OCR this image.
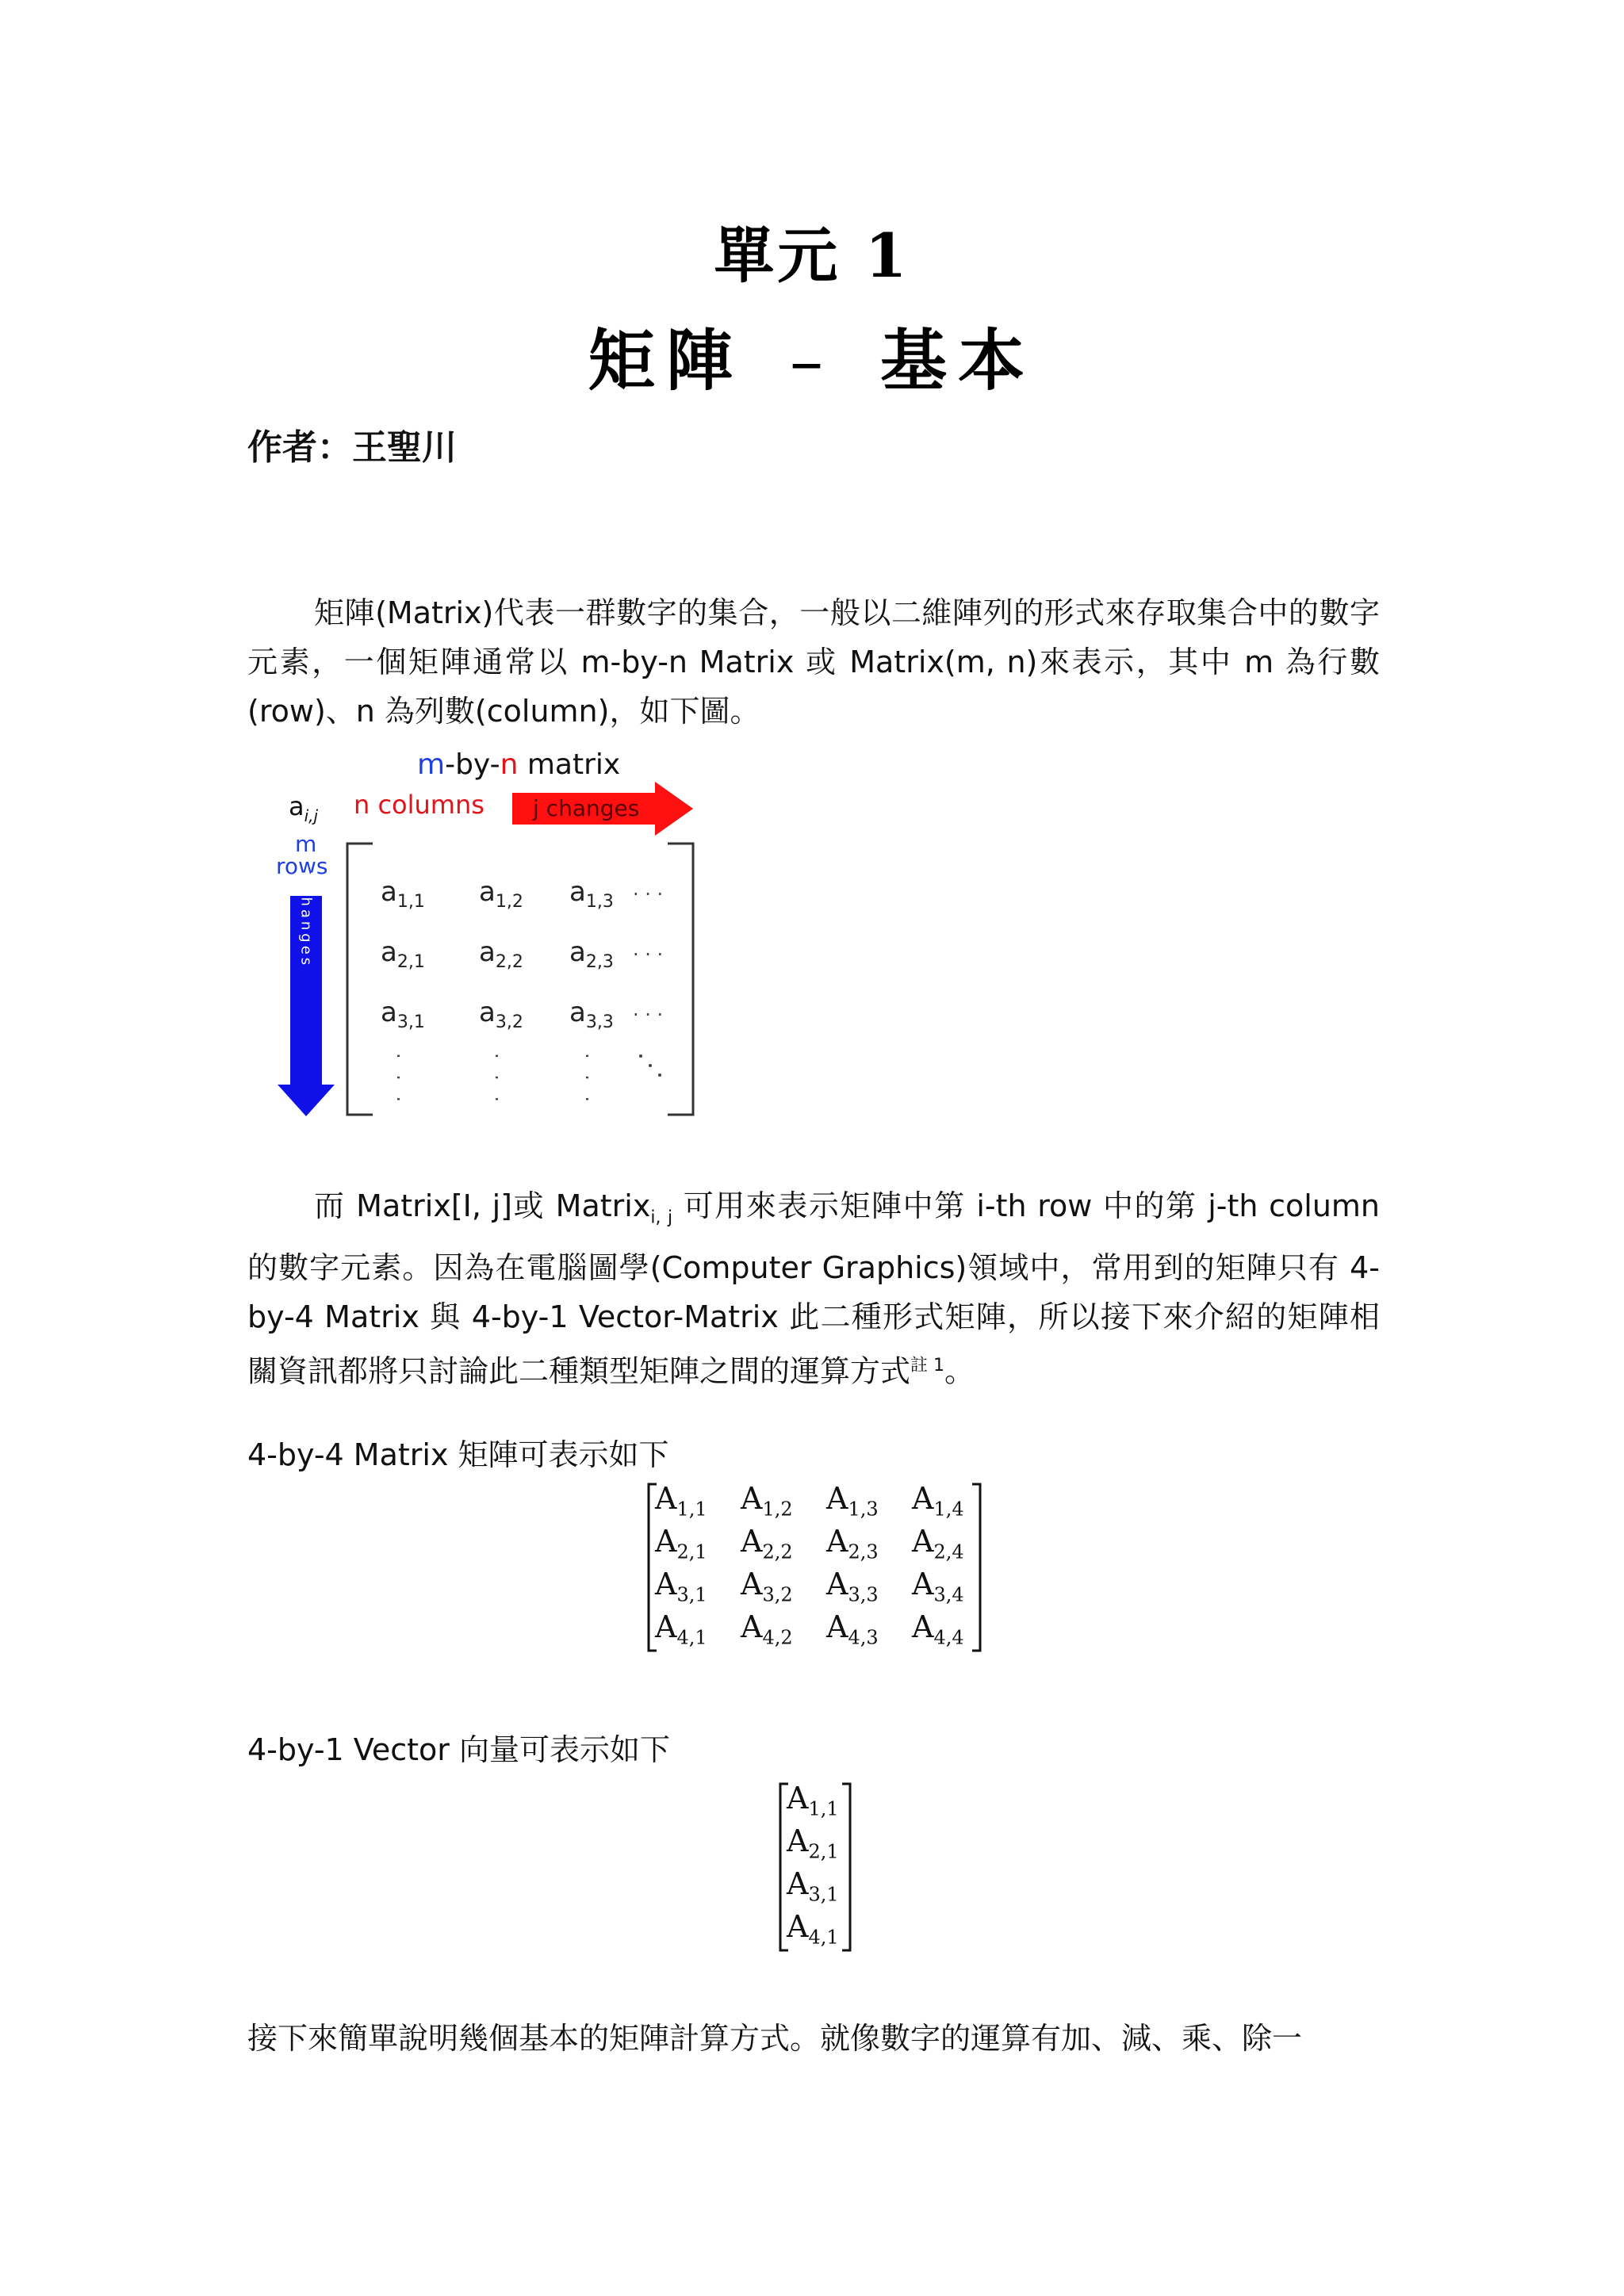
單元 1
矩陣 – 基本
作者：王聖川

矩陣(Matrix)代表一群數字的集合，一般以二維陣列的形式來存取集合中的數字元素，一個矩陣通常以 m-by-n Matrix 或 Matrix(m, n)來表示，其中 m 為行數(row)、n 為列數(column)，如下圖。

m-by-n matrix
$a_{i,j}$ n columns j changes
m
rows
i changes $a_{1,1}$ $a_{1,2}$ $a_{1,3}$
$a_{2,1}$ $a_{2,2}$ $a_{2,3}$
$a_{3,1}$ $a_{3,2}$ $a_{3,3}$
· · ·
· · ·
· · ·
· · ·	· · ·	· · ·

而 Matrix[I, j]或 Matrix$_{i, j}$ 可用來表示矩陣中第 i-th row 中的第 j-th column 的數字元素。因為在電腦圖學(Computer Graphics)領域中，常用到的矩陣只有 4-by-4 Matrix 與 4-by-1 Vector-Matrix 此二種形式矩陣，所以接下來介紹的矩陣相關資訊都將只討論此二種類型矩陣之間的運算方式$^{註 1}$。

4-by-4 Matrix 矩陣可表示如下
$A_{1,1}$ $A_{1,2}$ $A_{1,3}$ $A_{1,4}$
$A_{2,1}$ $A_{2,2}$ $A_{2,3}$ $A_{2,4}$
$A_{3,1}$ $A_{3,2}$ $A_{3,3}$ $A_{3,4}$
$A_{4,1}$ $A_{4,2}$ $A_{4,3}$ $A_{4,4}$
4-by-1 Vector 向量可表示如下
$A_{1,1}$
$A_{2,1}$
$A_{3,1}$
$A_{4,1}$

接下來簡單說明幾個基本的矩陣計算方式。就像數字的運算有加、減、乘、除一
